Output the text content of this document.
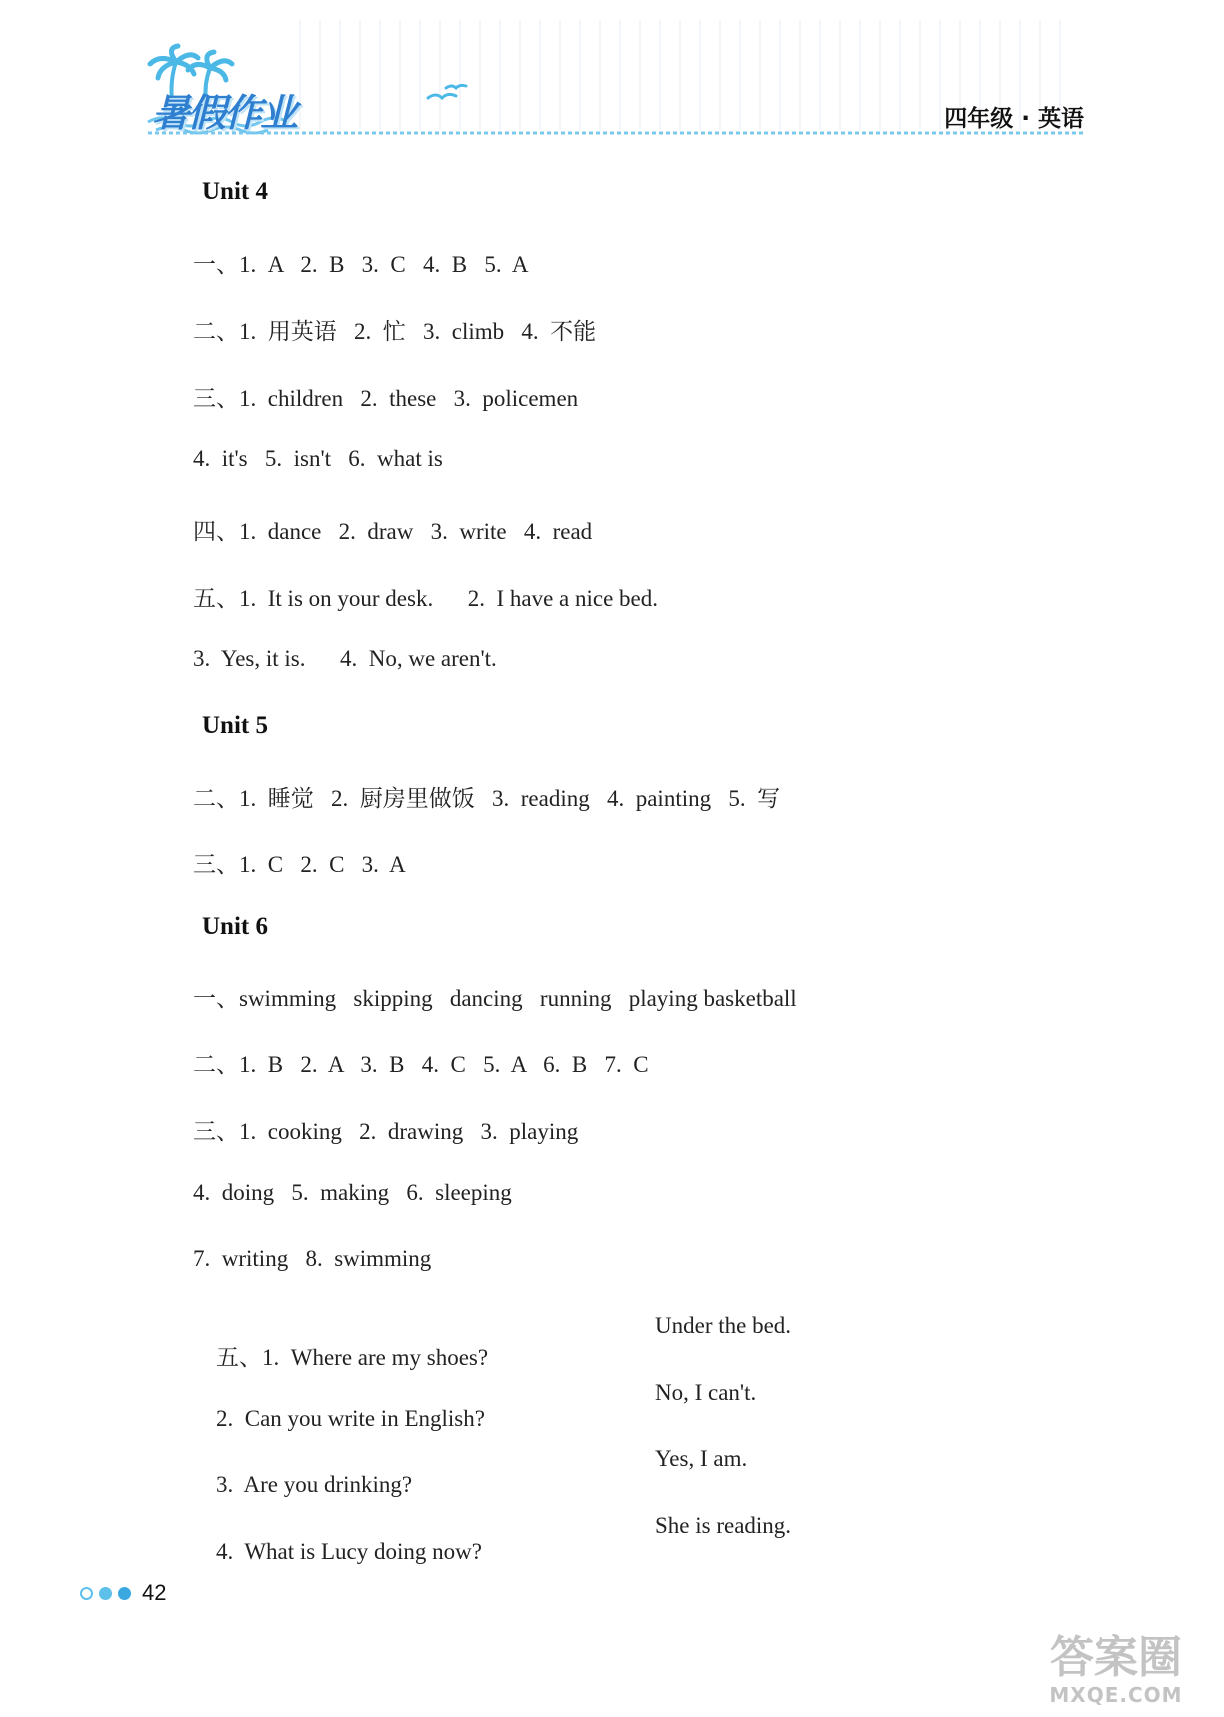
暑假作业	四年级 · 英语
Unit 4
一、1.  A   2.  B   3.  C   4.  B   5.  A
二、1.  用英语   2.  忙   3.  climb   4.  不能
三、1.  children   2.  these   3.  policemen
4.  it's   5.  isn't   6.  what is
四、1.  dance   2.  draw   3.  write   4.  read
五、1.  It is on your desk.      2.  I have a nice bed.
3.  Yes, it is.      4.  No, we aren't.
Unit 5
二、1.  睡觉   2.  厨房里做饭   3.  reading   4.  painting   5.  写
三、1.  C   2.  C   3.  A
Unit 6
一、swimming   skipping   dancing   running   playing basketball
二、1.  B   2.  A   3.  B   4.  C   5.  A   6.  B   7.  C
三、1.  cooking   2.  drawing   3.  playing
4.  doing   5.  making   6.  sleeping
7.  writing   8.  swimming

五、1.  Where are my shoes?

Under the bed.

2.  Can you write in English?

No, I can't.

3.  Are you drinking?

Yes, I am.

4.  What is Lucy doing now?

She is reading.

42
答案圈
MXQE.COM
